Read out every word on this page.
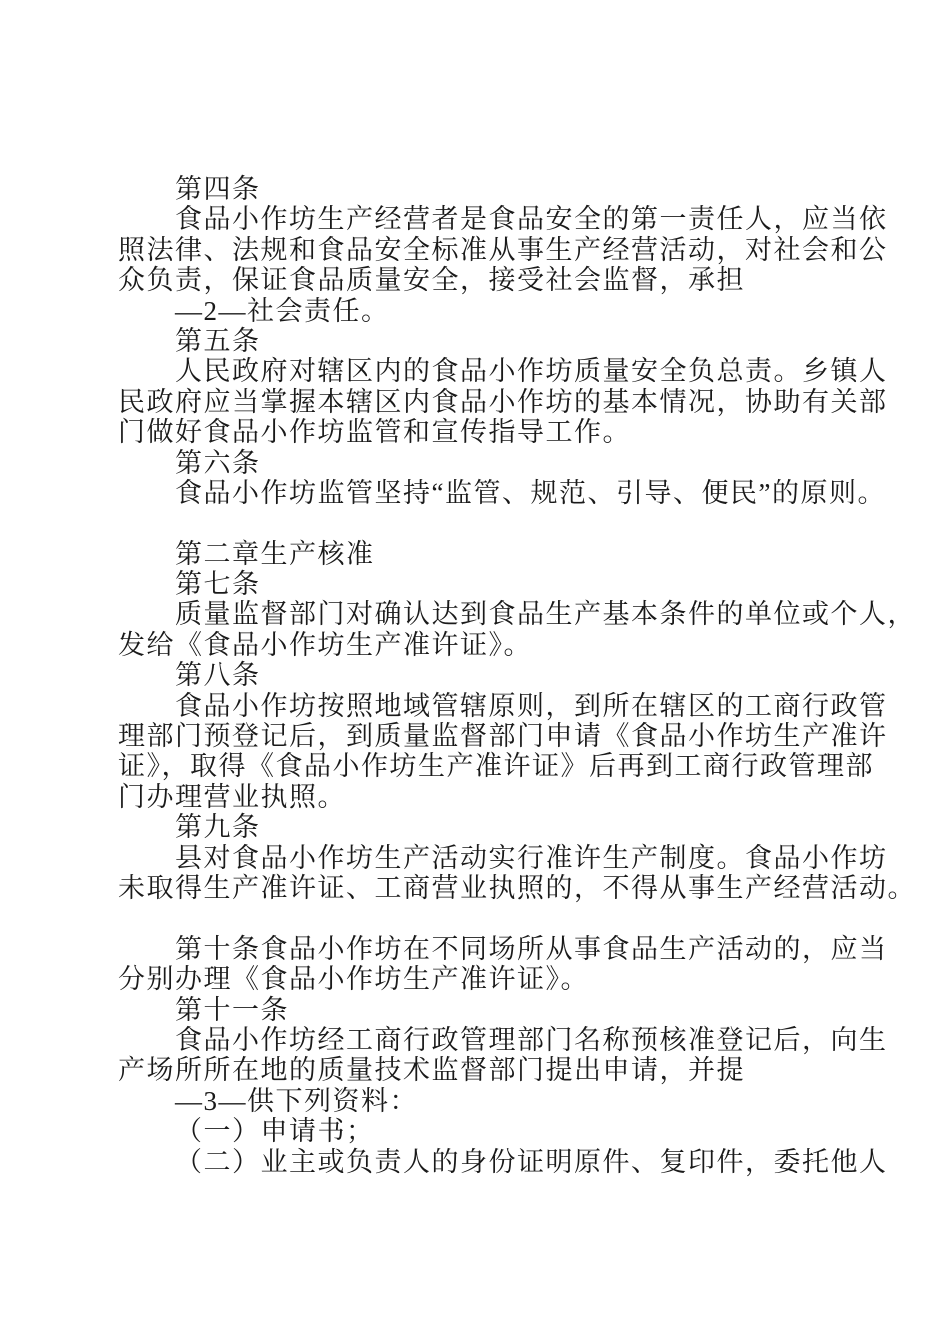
第四条
食品小作坊生产经营者是食品安全的第一责任人，应当依
照法律、法规和食品安全标准从事生产经营活动，对社会和公
众负责，保证食品质量安全，接受社会监督，承担
—2—社会责任。
第五条
人民政府对辖区内的食品小作坊质量安全负总责。乡镇人
民政府应当掌握本辖区内食品小作坊的基本情况，协助有关部
门做好食品小作坊监管和宣传指导工作。
第六条
食品小作坊监管坚持“监管、规范、引导、便民”的原则。
第二章生产核准
第七条
质量监督部门对确认达到食品生产基本条件的单位或个人，
发给《食品小作坊生产准许证》。
第八条
食品小作坊按照地域管辖原则，到所在辖区的工商行政管
理部门预登记后，到质量监督部门申请《食品小作坊生产准许
证》，取得《食品小作坊生产准许证》后再到工商行政管理部
门办理营业执照。
第九条
县对食品小作坊生产活动实行准许生产制度。食品小作坊
未取得生产准许证、工商营业执照的，不得从事生产经营活动。
第十条食品小作坊在不同场所从事食品生产活动的，应当
分别办理《食品小作坊生产准许证》。
第十一条
食品小作坊经工商行政管理部门名称预核准登记后，向生
产场所所在地的质量技术监督部门提出申请，并提
—3—供下列资料：
（一）申请书；
（二）业主或负责人的身份证明原件、复印件，委托他人
